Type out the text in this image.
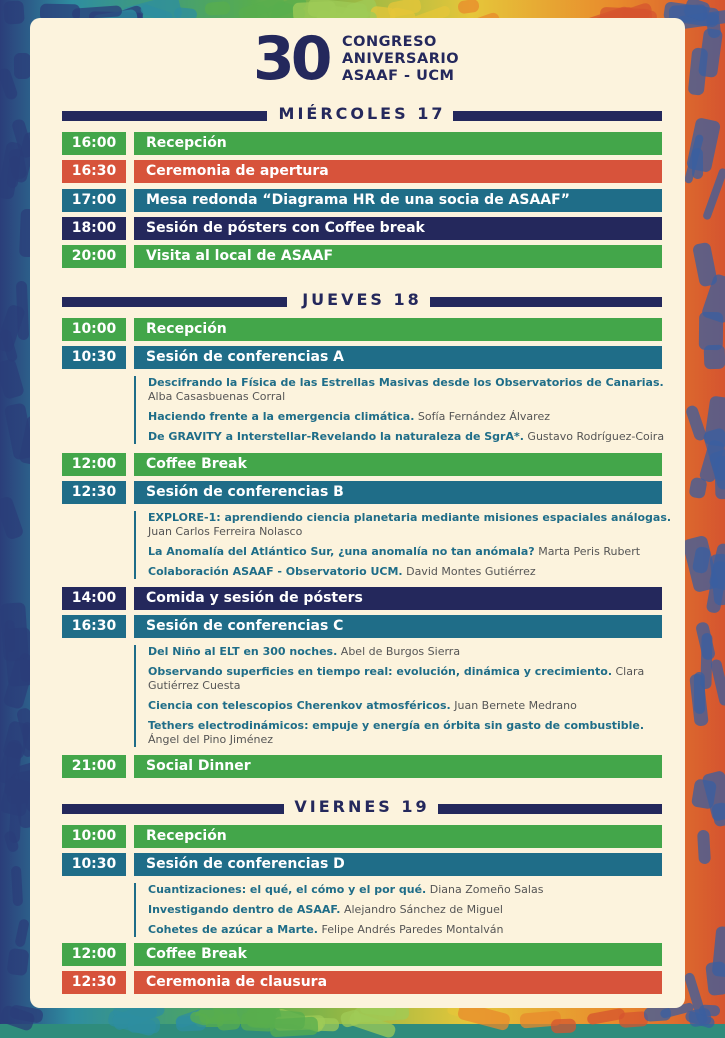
30 CONGRESO
ANIVERSARIO
ASAAF - UCM
MIÉRCOLES 17
16:00	Recepción
16:30	Ceremonia de apertura
17:00	Mesa redonda “Diagrama HR de una socia de ASAAF”
18:00	Sesión de pósters con Coffee break
20:00	Visita al local de ASAAF
JUEVES 18
10:00	Recepción
10:30	Sesión de conferencias A
Descifrando la Física de las Estrellas Masivas desde los Observatorios de Canarias. Alba Casasbuenas Corral
Haciendo frente a la emergencia climática. Sofía Fernández Álvarez
De GRAVITY a Interstellar-Revelando la naturaleza de SgrA*. Gustavo Rodríguez-Coira
12:00	Coffee Break
12:30	Sesión de conferencias B
EXPLORE-1: aprendiendo ciencia planetaria mediante misiones espaciales análogas. Juan Carlos Ferreira Nolasco
La Anomalía del Atlántico Sur, ¿una anomalía no tan anómala? Marta Peris Rubert
Colaboración ASAAF - Observatorio UCM. David Montes Gutiérrez
14:00	Comida y sesión de pósters
16:30	Sesión de conferencias C
Del Niño al ELT en 300 noches. Abel de Burgos Sierra
Observando superficies en tiempo real: evolución, dinámica y crecimiento. Clara Gutiérrez Cuesta
Ciencia con telescopios Cherenkov atmosféricos. Juan Bernete Medrano
Tethers electrodinámicos: empuje y energía en órbita sin gasto de combustible. Ángel del Pino Jiménez
21:00	Social Dinner
VIERNES 19
10:00	Recepción
10:30	Sesión de conferencias D
Cuantizaciones: el qué, el cómo y el por qué. Diana Zomeño Salas
Investigando dentro de ASAAF. Alejandro Sánchez de Miguel
Cohetes de azúcar a Marte. Felipe Andrés Paredes Montalván
12:00	Coffee Break
12:30	Ceremonia de clausura
